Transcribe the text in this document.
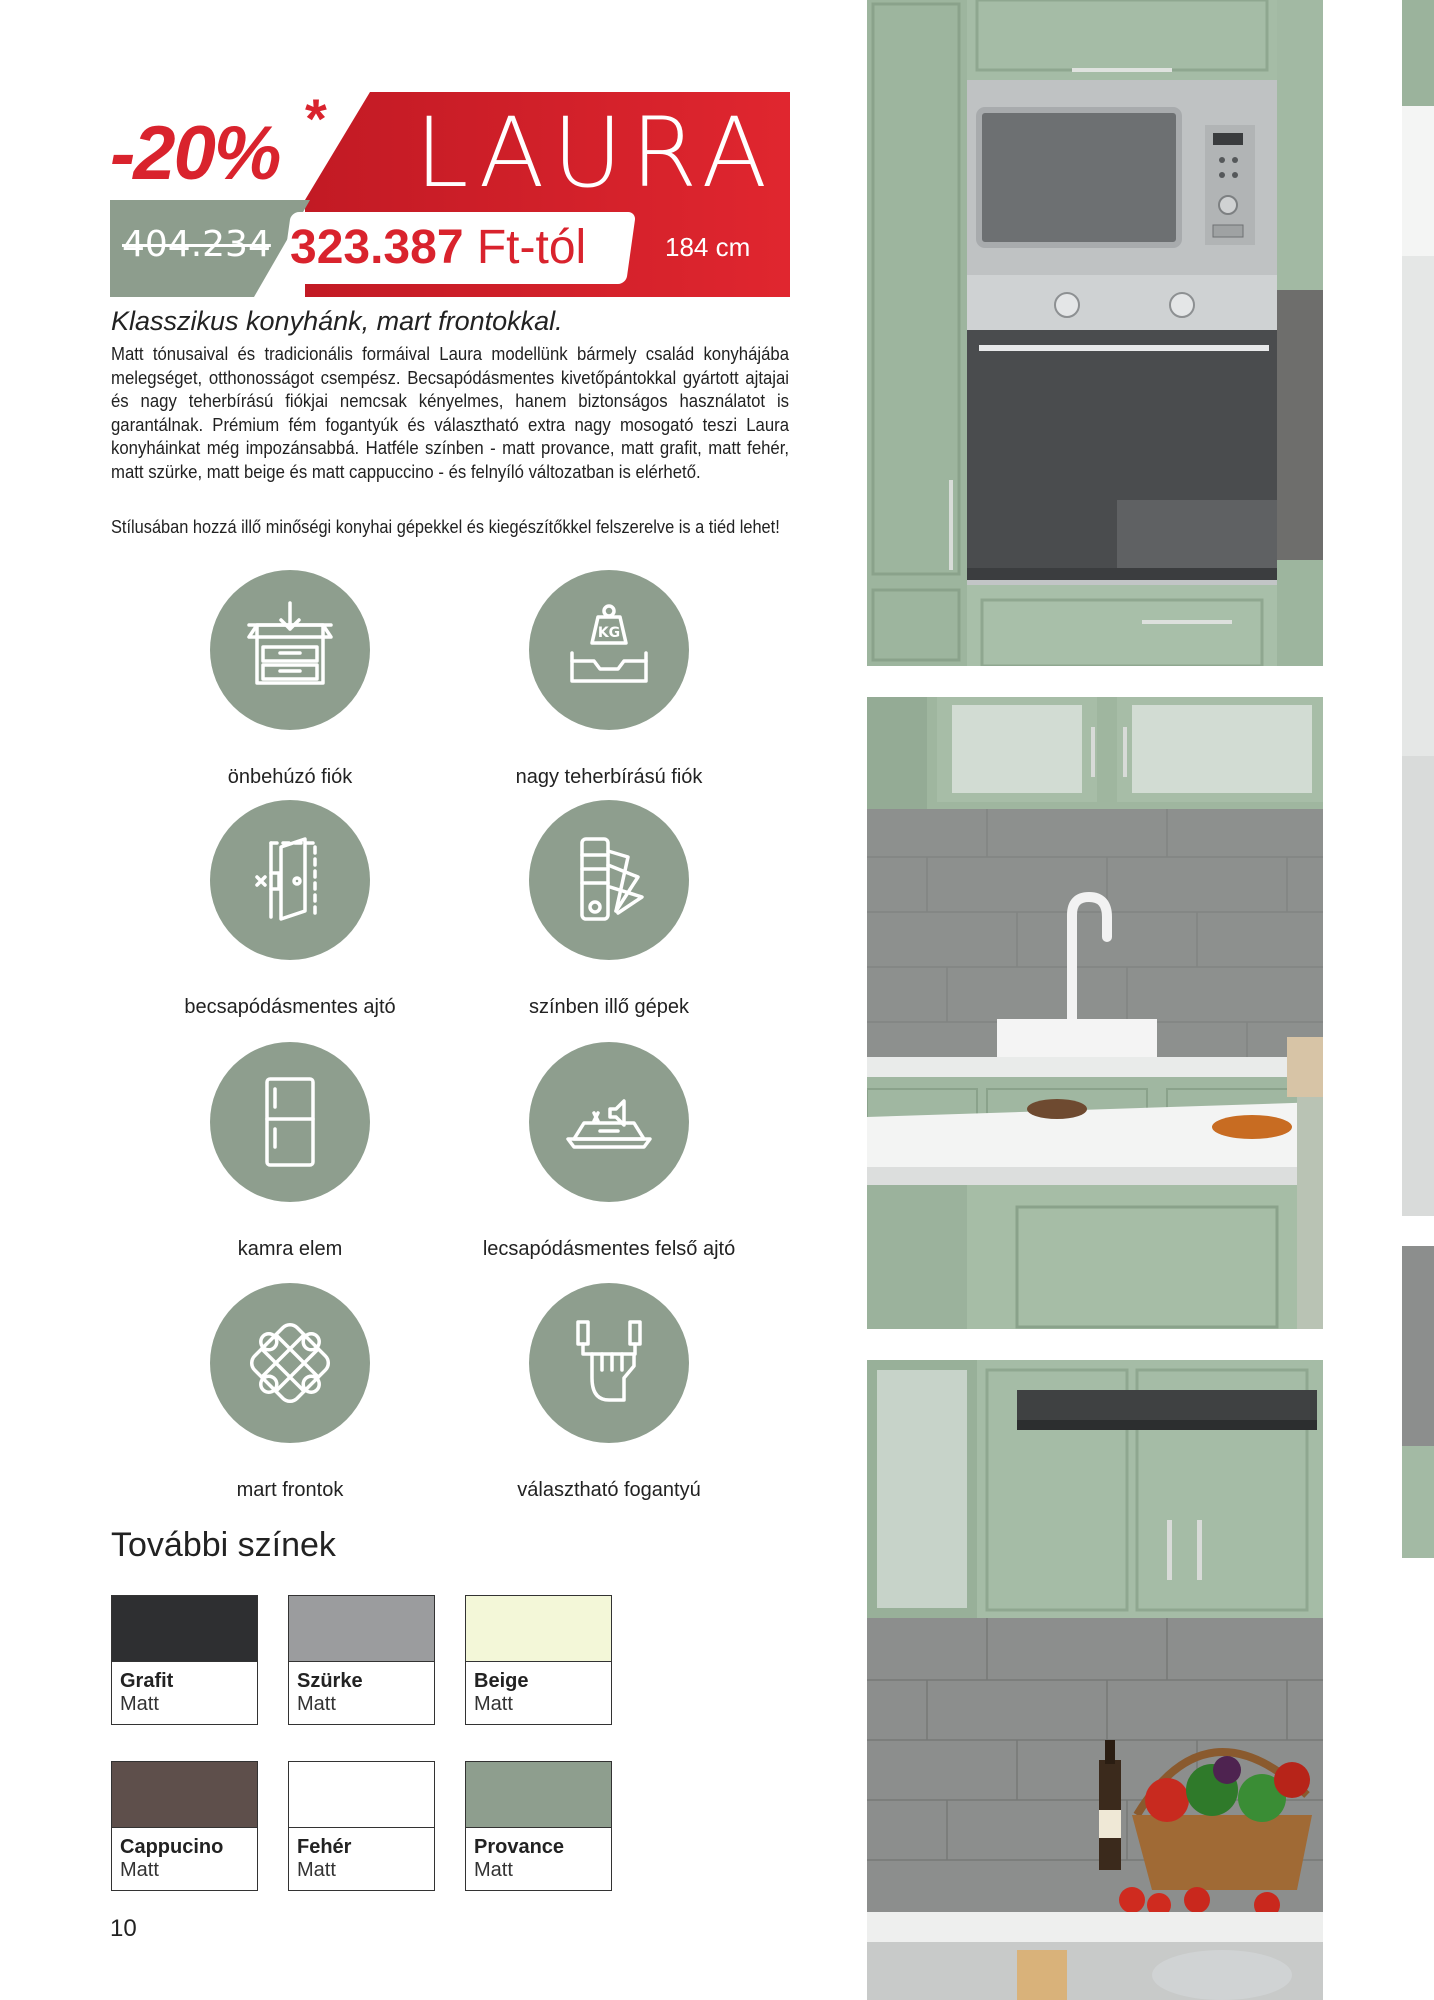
-20% * LAURA
404.234 323.387 Ft-tól	184 cm
Klasszikus konyhánk, mart frontokkal.
Matt tónusaival és tradicionális formáival Laura modellünk bármely család konyhájába melegséget, otthonosságot csempész. Becsapódásmentes kivetőpántokkal gyártott ajtajai és nagy teherbírású fiókjai nemcsak kényelmes, hanem biztonságos használatot is garantálnak. Prémium fém fogantyúk és választható extra nagy mosogató teszi Laura konyháinkat még impozánsabbá. Hatféle színben - matt provance, matt grafit, matt fehér, matt szürke, matt beige és matt cappuccino - és felnyíló változatban is elérhető.
Stílusában hozzá illő minőségi konyhai gépekkel és kiegészítőkkel felszerelve is a tiéd lehet!
önbehúzó fiók
KG
nagy teherbírású fiók
becsapódásmentes ajtó	színben illő gépek
kamra elem	lecsapódásmentes felső ajtó
mart frontok	választható fogantyú
További színek
Grafit
Matt
Szürke
Matt
Beige
Matt
Cappucino
Matt
Fehér
Matt
Provance
Matt
10
